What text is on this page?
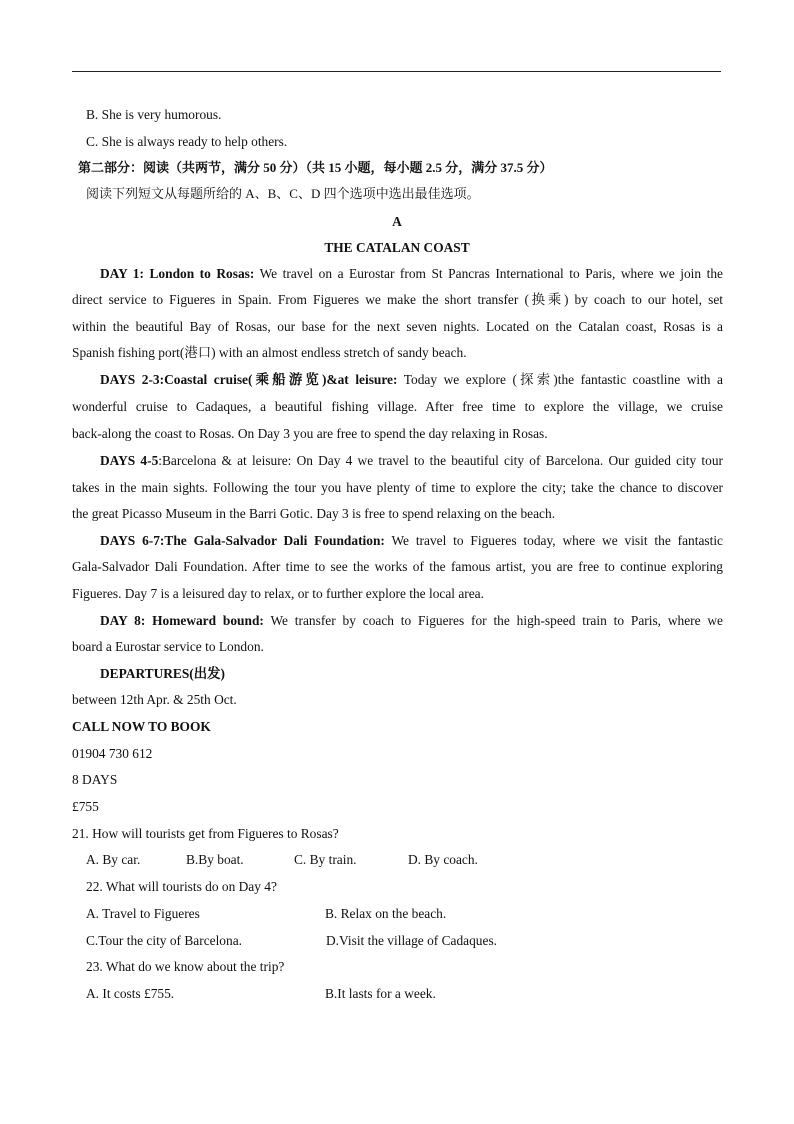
B. She is very humorous.
C. She is always ready to help others.
第二部分：阅读（共两节，满分 50 分）（共 15 小题，每小题 2.5 分，满分 37.5 分）
阅读下列短文从每题所给的 A、B、C、D 四个选项中选出最佳选项。
A
THE CATALAN COAST
DAY 1: London to Rosas: We travel on a Eurostar from St Pancras International to Paris, where we join the
direct service to Figueres in Spain. From Figueres we make the short transfer (换乘) by coach to our hotel, set
within the beautiful Bay of Rosas, our base for the next seven nights. Located on the Catalan coast, Rosas is a
Spanish fishing port(港口) with an almost endless stretch of sandy beach.
DAYS 2-3:Coastal cruise(乘船游览)&at leisure: Today we explore (探索)the fantastic coastline with a
wonderful cruise to Cadaques, a beautiful fishing village. After free time to explore the village, we cruise
back-along the coast to Rosas. On Day 3 you are free to spend the day relaxing in Rosas.
DAYS 4-5:Barcelona & at leisure: On Day 4 we travel to the beautiful city of Barcelona. Our guided city tour
takes in the main sights. Following the tour you have plenty of time to explore the city; take the chance to discover
the great Picasso Museum in the Barri Gotic. Day 3 is free to spend relaxing on the beach.
DAYS 6-7:The Gala-Salvador Dali Foundation: We travel to Figueres today, where we visit the fantastic
Gala-Salvador Dali Foundation. After time to see the works of the famous artist, you are free to continue exploring
Figueres. Day 7 is a leisured day to relax, or to further explore the local area.
DAY 8: Homeward bound: We transfer by coach to Figueres for the high-speed train to Paris, where we
board a Eurostar service to London.
DEPARTURES(出发)
between 12th Apr. & 25th Oct.
CALL NOW TO BOOK
01904 730 612
8 DAYS
£755
21. How will tourists get from Figueres to Rosas?
A. By car.	B.By boat.	C. By train.	D. By coach.
22. What will tourists do on Day 4?
A. Travel to Figueres	B. Relax on the beach.
C.Tour the city of Barcelona.	D.Visit the village of Cadaques.
23. What do we know about the trip?
A. It costs £755.	B.It lasts for a week.
